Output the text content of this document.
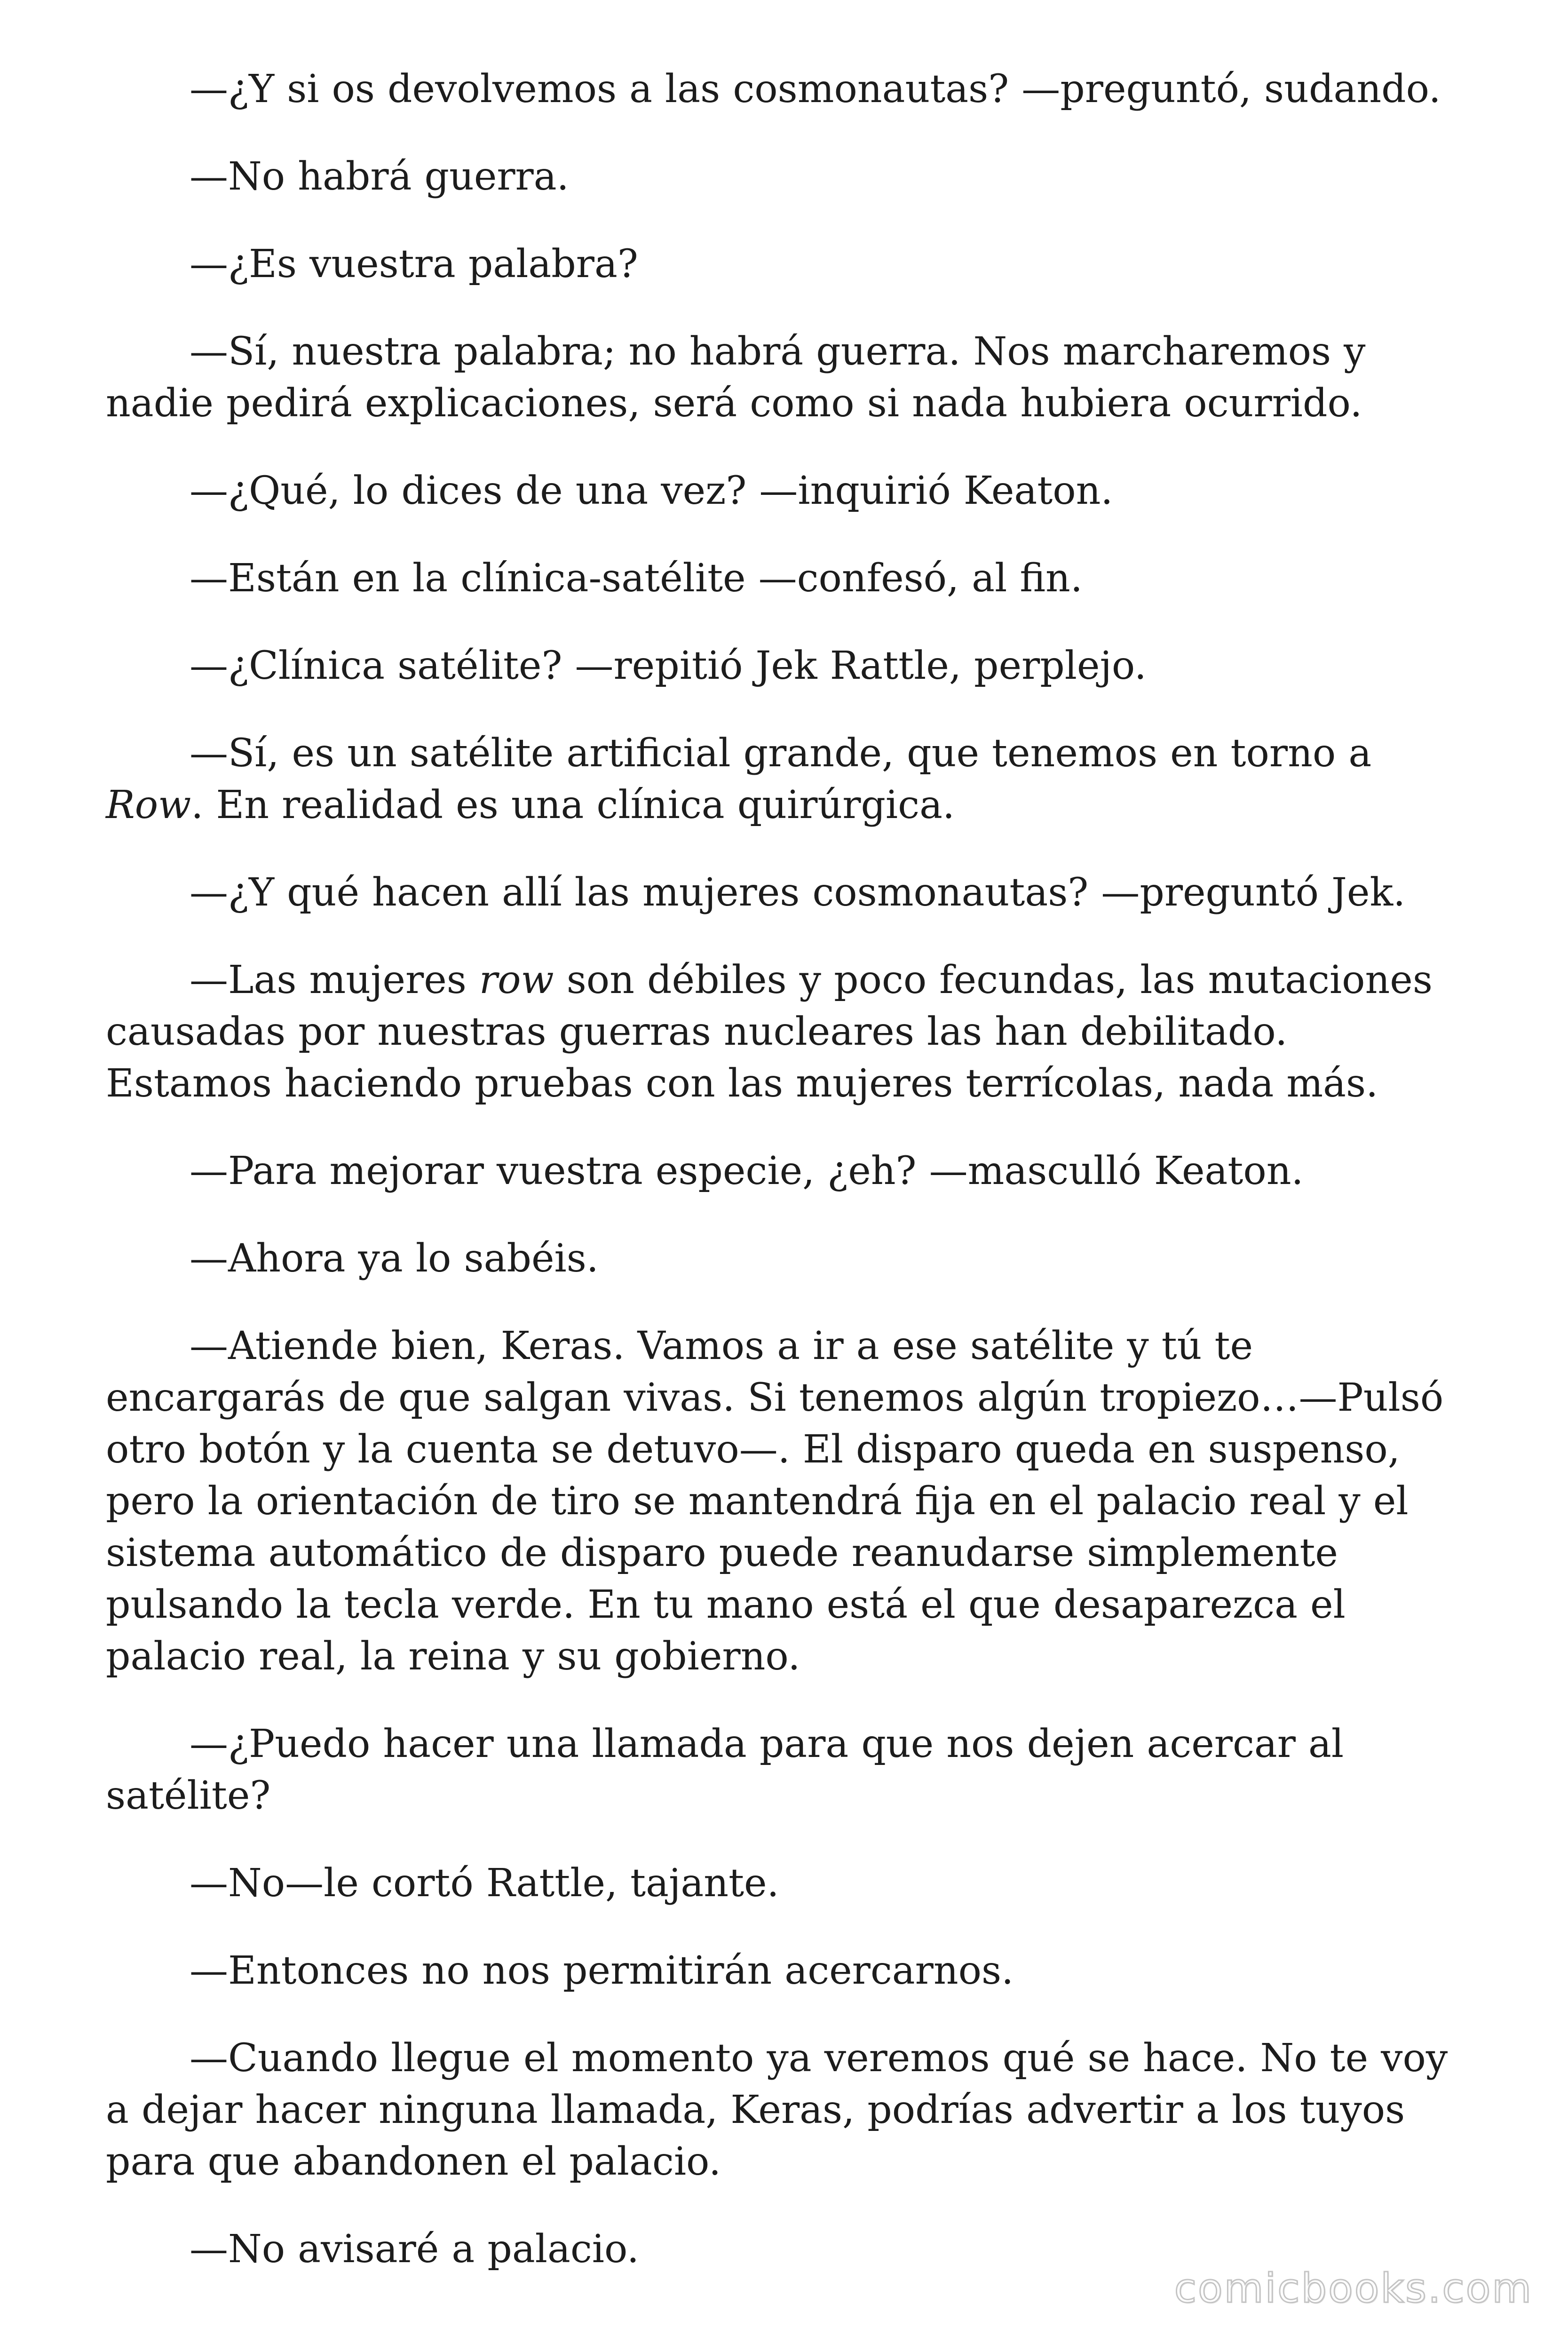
—¿Y si os devolvemos a las cosmonautas? —preguntó, sudando.

—No habrá guerra.

—¿Es vuestra palabra?

—Sí, nuestra palabra; no habrá guerra. Nos marcharemos y nadie pedirá explicaciones, será como si nada hubiera ocurrido.

—¿Qué, lo dices de una vez? —inquirió Keaton.

—Están en la clínica-satélite —confesó, al fin.

—¿Clínica satélite? —repitió Jek Rattle, perplejo.

—Sí, es un satélite artificial grande, que tenemos en torno a Row. En realidad es una clínica quirúrgica.

—¿Y qué hacen allí las mujeres cosmonautas? —preguntó Jek.

—Las mujeres row son débiles y poco fecundas, las mutaciones causadas por nuestras guerras nucleares las han debilitado. Estamos haciendo pruebas con las mujeres terrícolas, nada más.

—Para mejorar vuestra especie, ¿eh? —masculló Keaton.

—Ahora ya lo sabéis.

—Atiende bien, Keras. Vamos a ir a ese satélite y tú te encargarás de que salgan vivas. Si tenemos algún tropiezo…—Pulsó otro botón y la cuenta se detuvo—. El disparo queda en suspenso, pero la orientación de tiro se mantendrá fija en el palacio real y el sistema automático de disparo puede reanudarse simplemente pulsando la tecla verde. En tu mano está el que desaparezca el palacio real, la reina y su gobierno.

—¿Puedo hacer una llamada para que nos dejen acercar al satélite?

—No—le cortó Rattle, tajante.

—Entonces no nos permitirán acercarnos.

—Cuando llegue el momento ya veremos qué se hace. No te voy a dejar hacer ninguna llamada, Keras, podrías advertir a los tuyos para que abandonen el palacio.

—No avisaré a palacio.

comicbooks.com
